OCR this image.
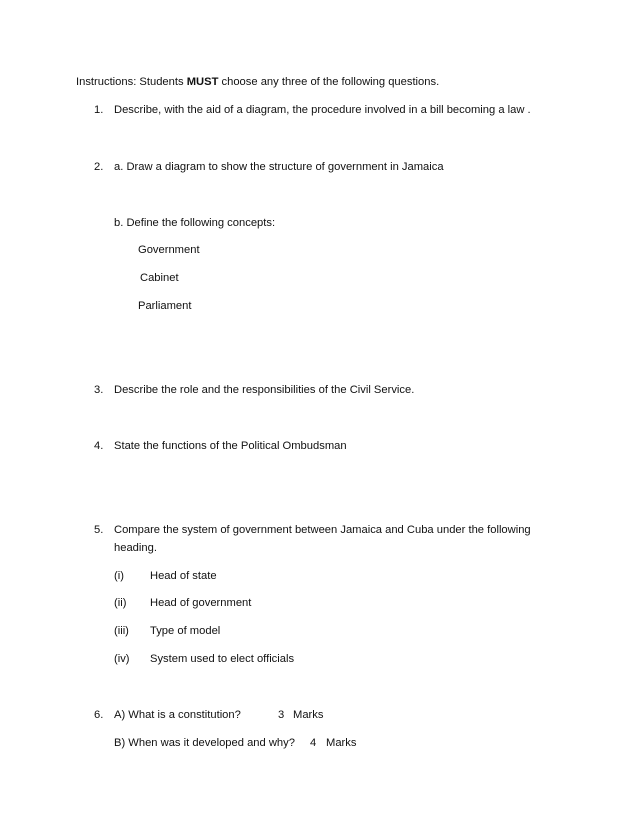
Instructions: Students MUST choose any three of the following questions.
1. Describe, with the aid of a diagram, the procedure involved in a bill becoming a law .
2. a. Draw a diagram to show the structure of government in Jamaica
b. Define the following concepts:
Government
Cabinet
Parliament
3. Describe the role and the responsibilities of the Civil Service.
4. State the functions of the Political Ombudsman
5. Compare the system of government between Jamaica and Cuba under the following
heading.
(i) Head of state
(ii) Head of government
(iii) Type of model
(iv) System used to elect officials
6. A) What is a constitution?	3 Marks
B) When was it developed and why? 4 Marks
